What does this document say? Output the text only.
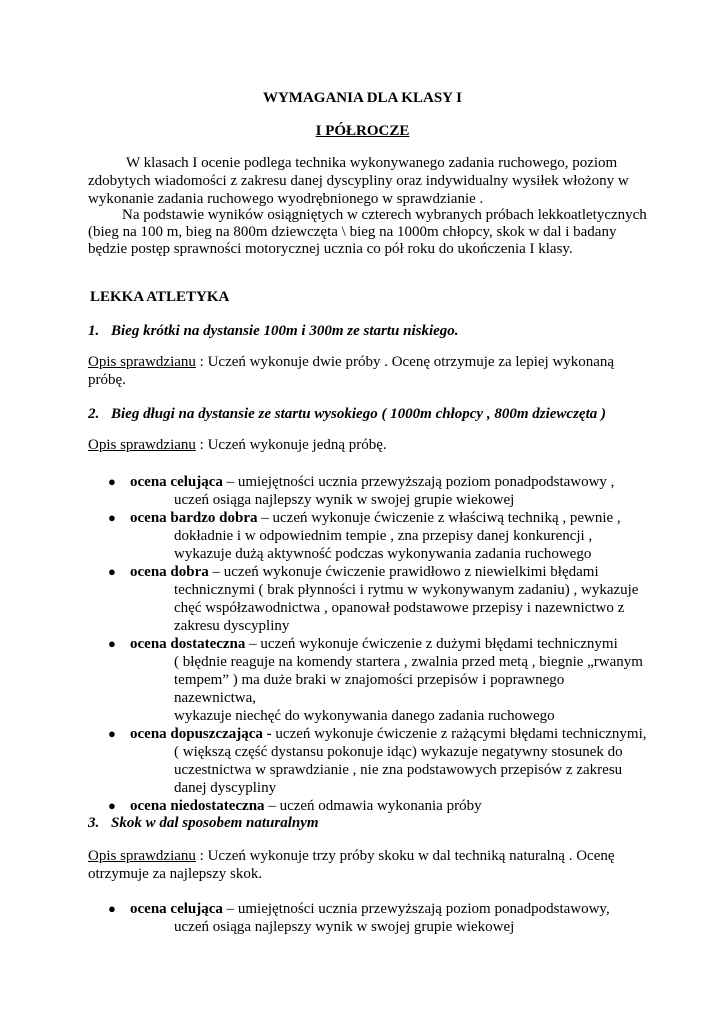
WYMAGANIA DLA KLASY I
I PÓŁROCZE
W klasach I ocenie podlega technika wykonywanego zadania ruchowego, poziom
zdobytych wiadomości z zakresu danej dyscypliny oraz indywidualny wysiłek włożony w
wykonanie zadania ruchowego wyodrębnionego w sprawdzianie .
Na podstawie wyników osiągniętych w czterech wybranych próbach lekkoatletycznych
(bieg na 100 m, bieg na 800m dziewczęta \ bieg na 1000m chłopcy, skok w dal i badany
będzie postęp sprawności motorycznej ucznia co pół roku do ukończenia I klasy.
LEKKA ATLETYKA
1. Bieg krótki na dystansie 100m i 300m ze startu niskiego.
Opis sprawdzianu : Uczeń wykonuje dwie próby . Ocenę otrzymuje za lepiej wykonaną
próbę.
2. Bieg długi na dystansie ze startu wysokiego ( 1000m chłopcy , 800m dziewczęta )
Opis sprawdzianu : Uczeń wykonuje jedną próbę.
● ocena celująca – umiejętności ucznia przewyższają poziom ponadpodstawowy ,
uczeń osiąga najlepszy wynik w swojej grupie wiekowej
● ocena bardzo dobra – uczeń wykonuje ćwiczenie z właściwą techniką , pewnie ,
dokładnie i w odpowiednim tempie , zna przepisy danej konkurencji ,
wykazuje dużą aktywność podczas wykonywania zadania ruchowego
● ocena dobra – uczeń wykonuje ćwiczenie prawidłowo z niewielkimi błędami
technicznymi ( brak płynności i rytmu w wykonywanym zadaniu) , wykazuje
chęć współzawodnictwa , opanował podstawowe przepisy i nazewnictwo z
zakresu dyscypliny
● ocena dostateczna – uczeń wykonuje ćwiczenie z dużymi błędami technicznymi
( błędnie reaguje na komendy startera , zwalnia przed metą , biegnie „rwanym
tempem” ) ma duże braki w znajomości przepisów i poprawnego nazewnictwa,
wykazuje niechęć do wykonywania danego zadania ruchowego
● ocena dopuszczająca - uczeń wykonuje ćwiczenie z rażącymi błędami technicznymi,
( większą część dystansu pokonuje idąc) wykazuje negatywny stosunek do
uczestnictwa w sprawdzianie , nie zna podstawowych przepisów z zakresu
danej dyscypliny
● ocena niedostateczna – uczeń odmawia wykonania próby
3. Skok w dal sposobem naturalnym
Opis sprawdzianu : Uczeń wykonuje trzy próby skoku w dal techniką naturalną . Ocenę
otrzymuje za najlepszy skok.
● ocena celująca – umiejętności ucznia przewyższają poziom ponadpodstawowy,
uczeń osiąga najlepszy wynik w swojej grupie wiekowej
